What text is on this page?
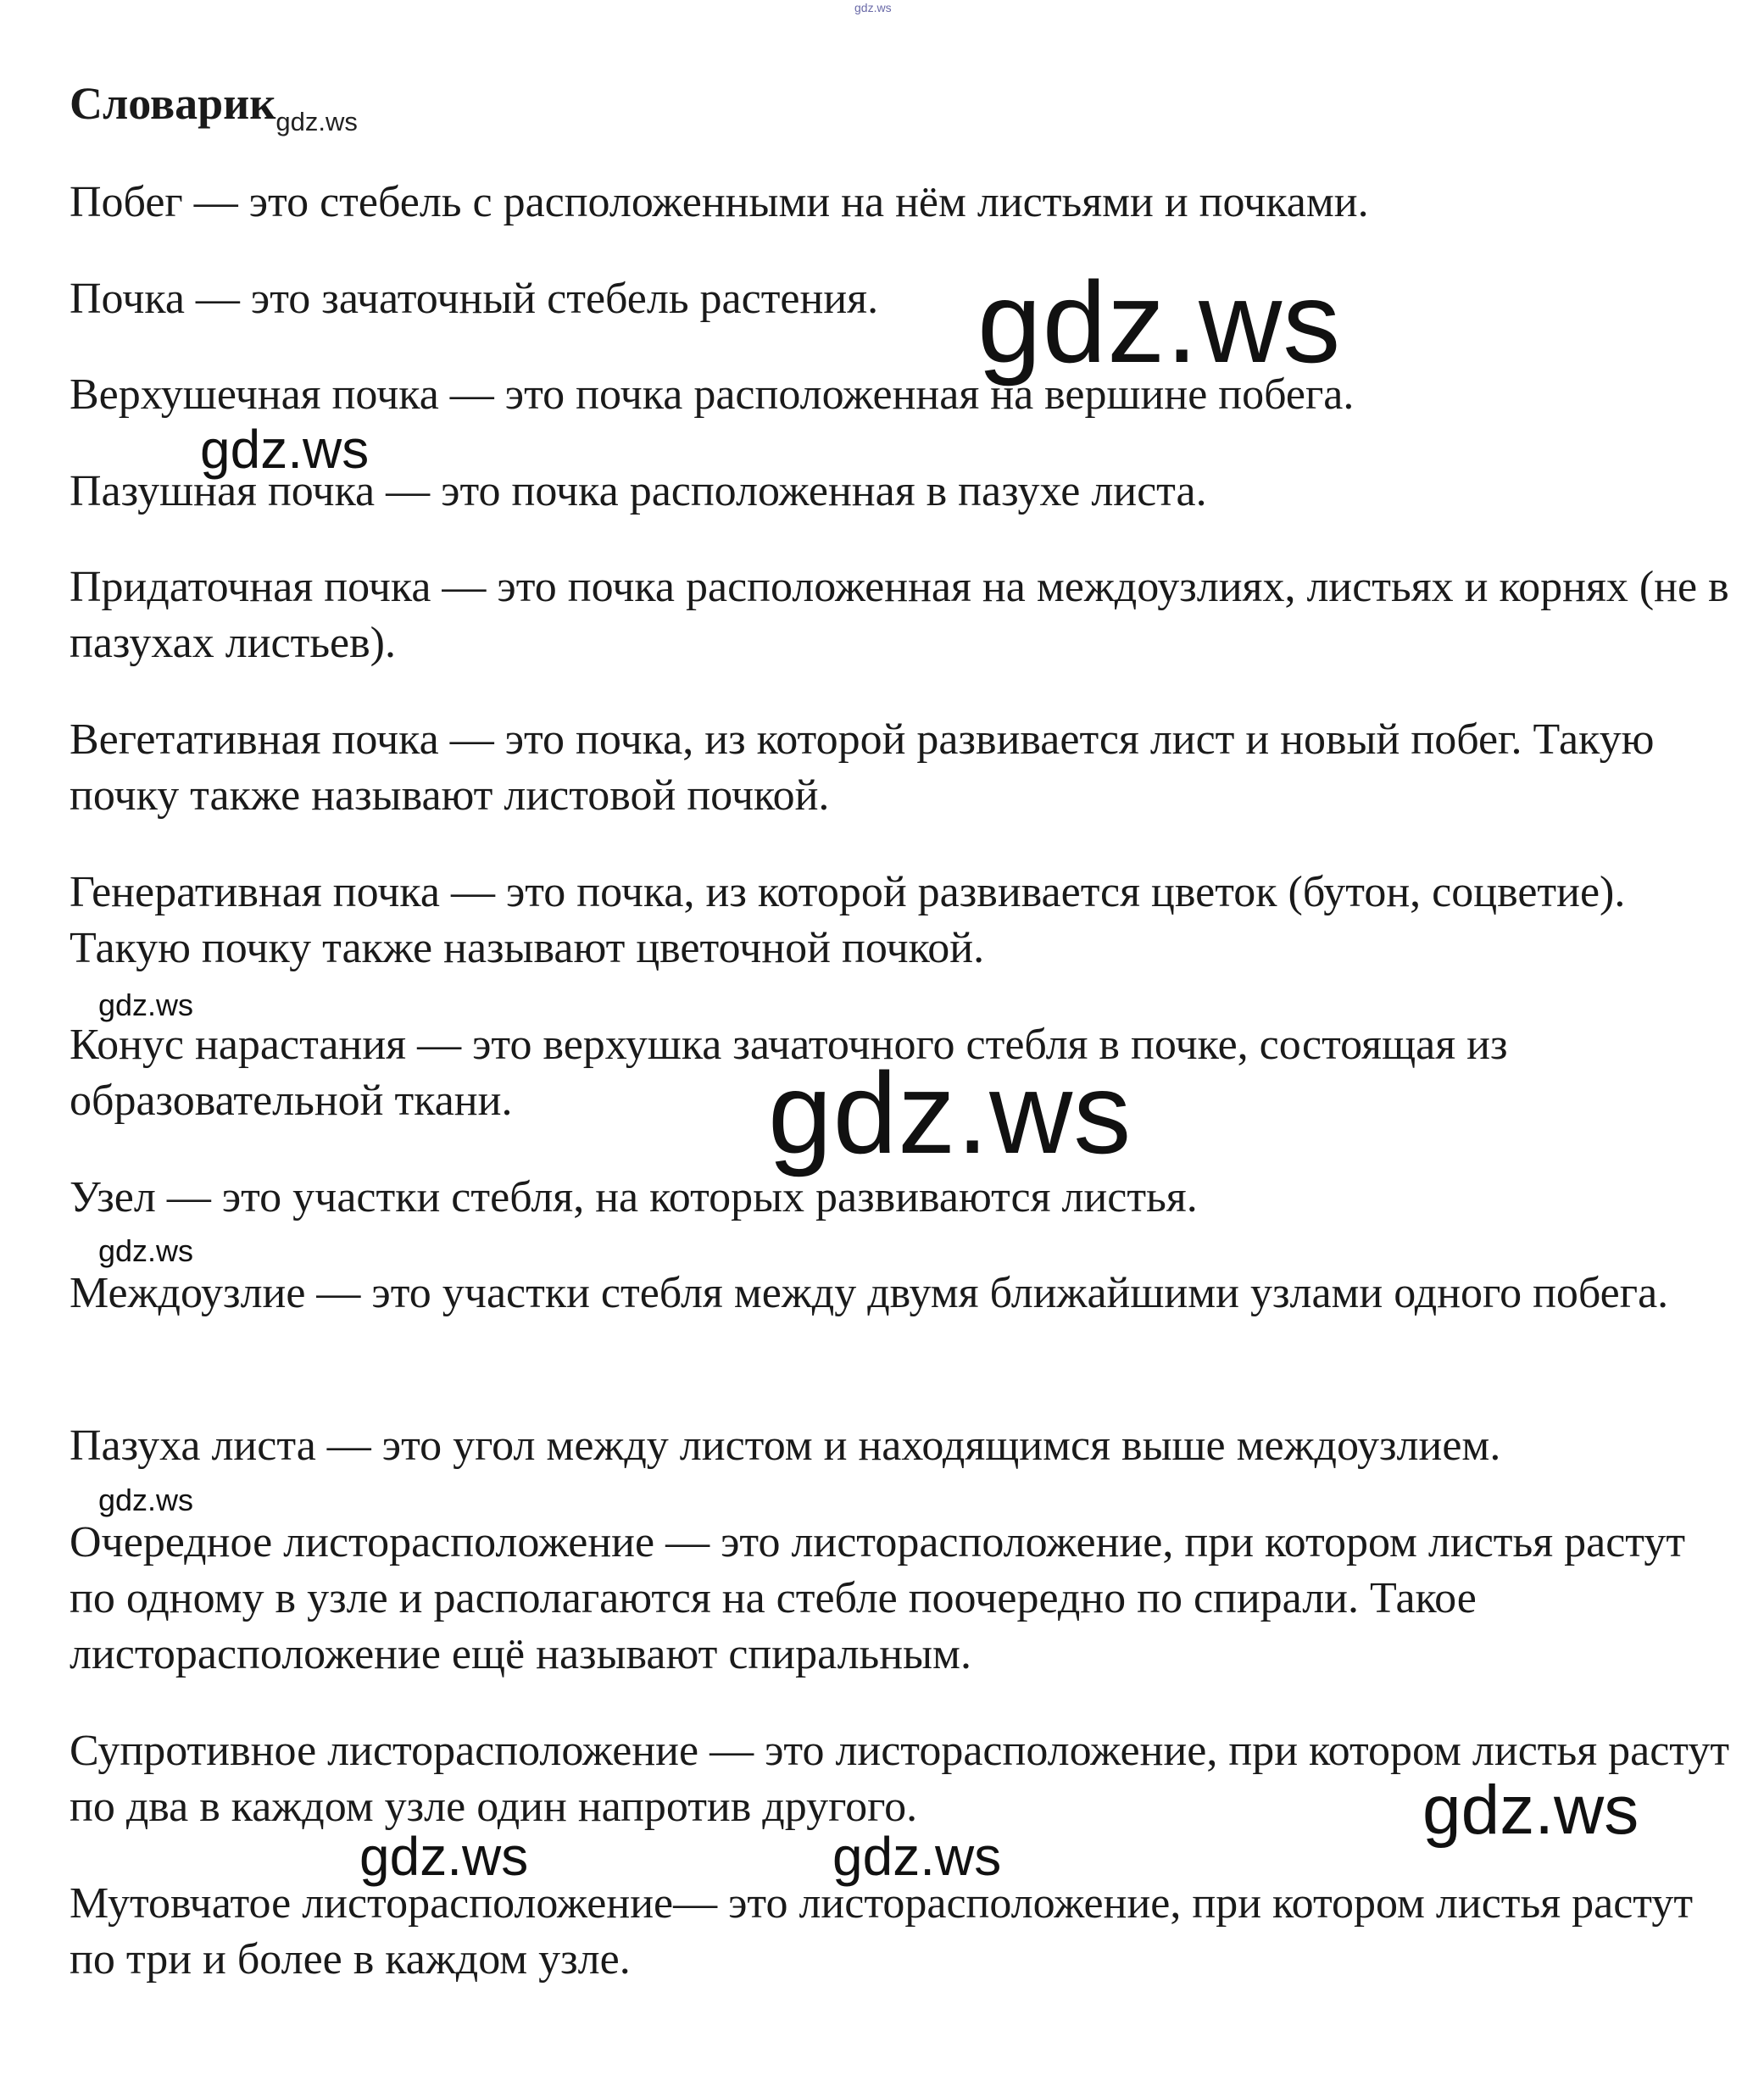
Словарик$_{gdz.ws}$

Побег — это стебель с расположенными на нём листьями и почками.

Почка — это зачаточный стебель растения.

Верхушечная почка — это почка расположенная на вершине побега.

Пазушная почка — это почка расположенная в пазухе листа.

Придаточная почка — это почка расположенная на междоузлиях, листьях и корнях (не в пазухах листьев).

Вегетативная почка — это почка, из которой развивается лист и новый побег. Такую почку также называют листовой почкой.

Генеративная почка — это почка, из которой развивается цветок (бутон, соцветие). Такую почку также называют цветочной почкой.

Конус нарастания — это верхушка зачаточного стебля в почке, состоящая из образовательной ткани.

Узел — это участки стебля, на которых развиваются листья.

Междоузлие — это участки стебля между двумя ближайшими узлами одного побега.

Пазуха листа — это угол между листом и находящимся выше междоузлием.

Очередное листорасположение — это листорасположение, при котором листья растут по одному в узле и располагаются на стебле поочередно по спирали. Такое листорасположение ещё называют спиральным.

Супротивное листорасположение — это листорасположение, при котором листья растут по два в каждом узле один напротив другого.

Мутовчатое листорасположение— это листорасположение, при котором листья растут по три и более в каждом узле.

gdz.ws
gdz.ws
gdz.ws
gdz.ws
gdz.ws
gdz.ws
gdz.ws
gdz.ws
gdz.ws	gdz.ws
